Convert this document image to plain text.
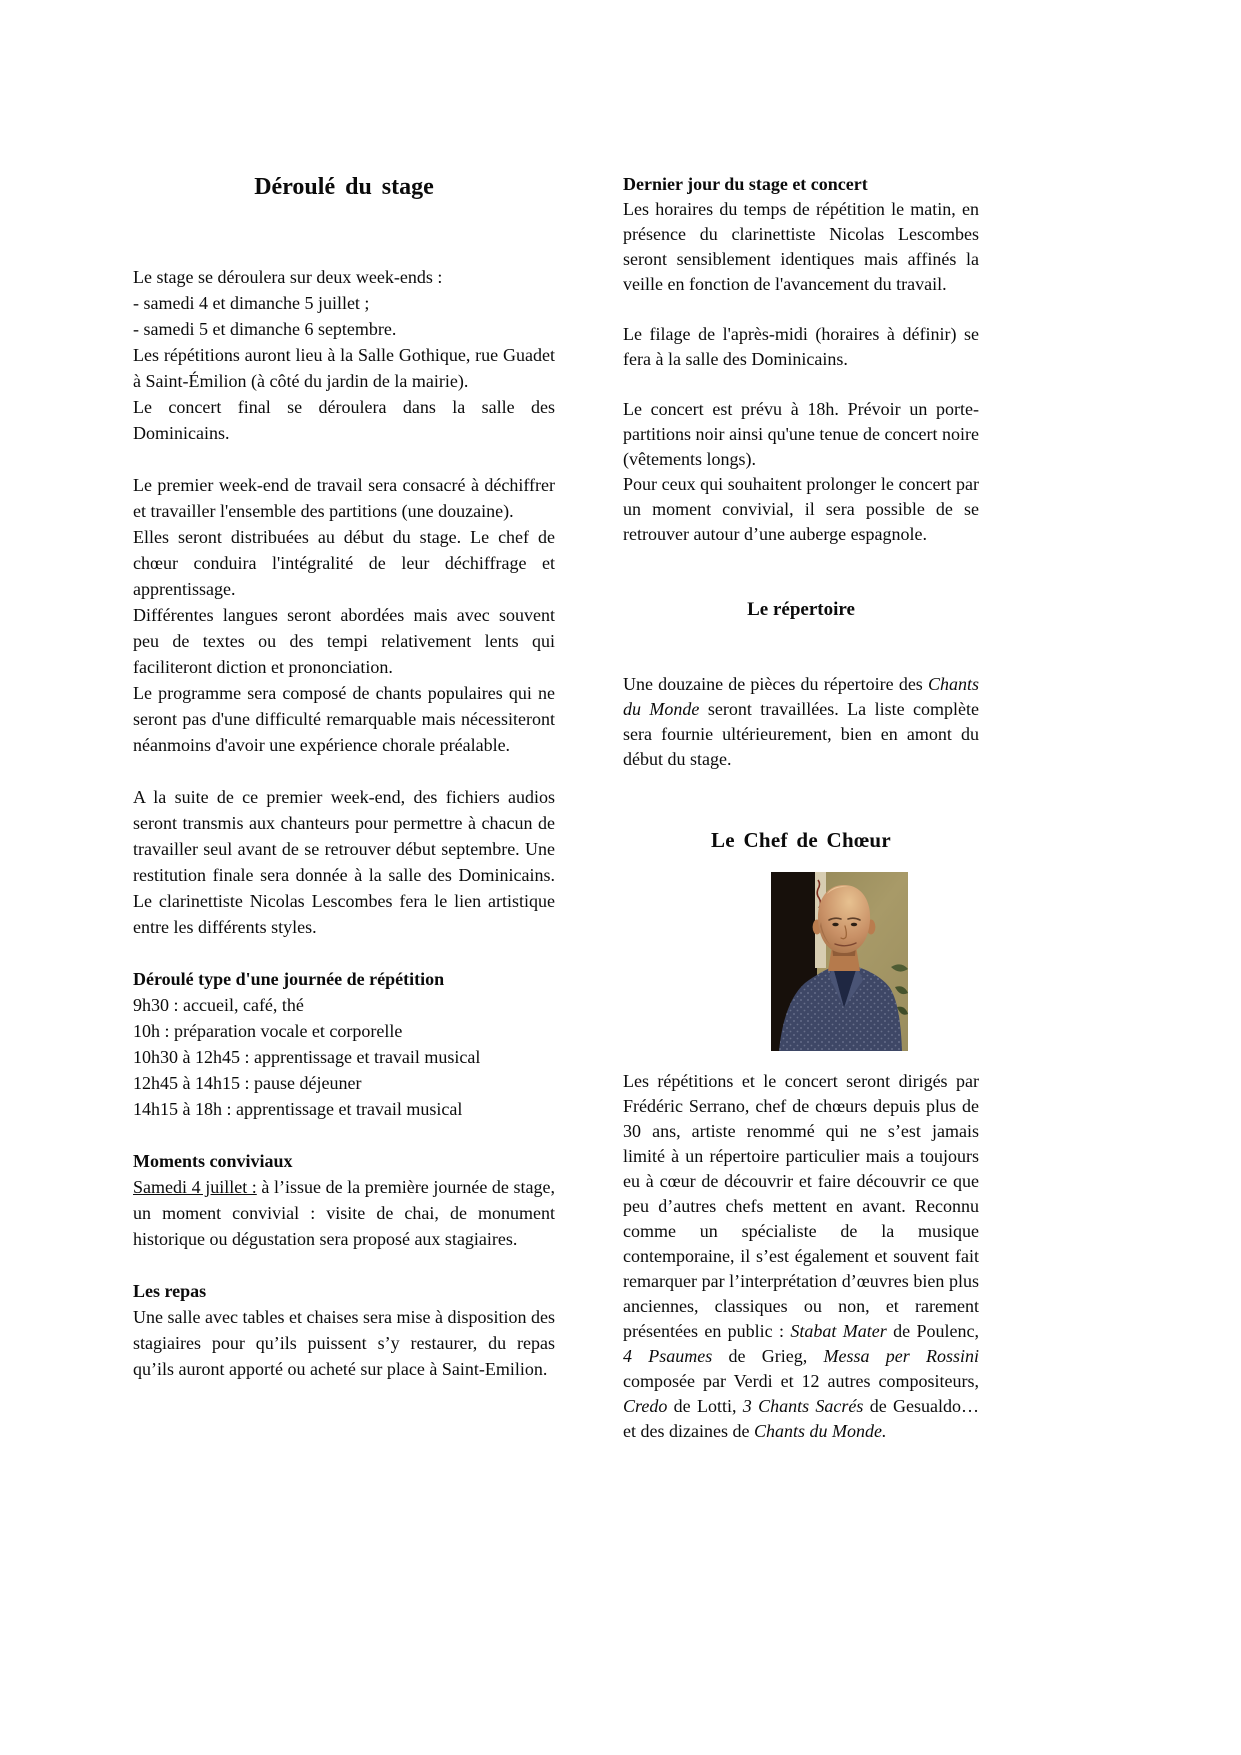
Déroulé du stage
Le stage se déroulera sur deux week-ends :
- samedi 4 et dimanche 5 juillet ;
- samedi 5 et dimanche 6 septembre.

Les répétitions auront lieu à la Salle Gothique, rue Guadet à Saint-Émilion (à côté du jardin de la mairie).

Le concert final se déroulera dans la salle des Dominicains.

Le premier week-end de travail sera consacré à déchiffrer et travailler l'ensemble des partitions (une douzaine).

Elles seront distribuées au début du stage. Le chef de chœur conduira l'intégralité de leur déchiffrage et apprentissage.

Différentes langues seront abordées mais avec souvent peu de textes ou des tempi relativement lents qui faciliteront diction et prononciation.

Le programme sera composé de chants populaires qui ne seront pas d'une difficulté remarquable mais nécessiteront néanmoins d'avoir une expérience chorale préalable.

A la suite de ce premier week-end, des fichiers audios seront transmis aux chanteurs pour permettre à chacun de travailler seul avant de se retrouver début septembre. Une restitution finale sera donnée à la salle des Dominicains. Le clarinettiste Nicolas Lescombes fera le lien artistique entre les différents styles.

Déroulé type d'une journée de répétition
9h30 : accueil, café, thé
10h : préparation vocale et corporelle
10h30 à 12h45 : apprentissage et travail musical
12h45 à 14h15 : pause déjeuner
14h15 à 18h : apprentissage et travail musical
Moments conviviaux

Samedi 4 juillet : à l’issue de la première journée de stage, un moment convivial : visite de chai, de monument historique ou dégustation sera proposé aux stagiaires.

Les repas

Une salle avec tables et chaises sera mise à disposition des stagiaires pour qu’ils puissent s’y restaurer, du repas qu’ils auront apporté ou acheté sur place à Saint-Emilion.

Dernier jour du stage et concert

Les horaires du temps de répétition le matin, en présence du clarinettiste Nicolas Lescombes seront sensiblement identiques mais affinés la veille en fonction de l'avancement du travail.

Le filage de l'après-midi (horaires à définir) se fera à la salle des Dominicains.

Le concert est prévu à 18h. Prévoir un porte-partitions noir ainsi qu'une tenue de concert noire (vêtements longs).

Pour ceux qui souhaitent prolonger le concert par un moment convivial, il sera possible de se retrouver autour d’une auberge espagnole.

Le répertoire

Une douzaine de pièces du répertoire des Chants du Monde seront travaillées. La liste complète sera fournie ultérieurement, bien en amont du début du stage.

Le Chef de Chœur

Les répétitions et le concert seront dirigés par Frédéric Serrano, chef de chœurs depuis plus de 30 ans, artiste renommé qui ne s’est jamais limité à un répertoire particulier mais a toujours eu à cœur de découvrir et faire découvrir ce que peu d’autres chefs mettent en avant. Reconnu comme un spécialiste de la musique contemporaine, il s’est également et souvent fait remarquer par l’interprétation d’œuvres bien plus anciennes, classiques ou non, et rarement présentées en public : Stabat Mater de Poulenc, 4 Psaumes de Grieg, Messa per Rossini composée par Verdi et 12 autres compositeurs, Credo de Lotti, 3 Chants Sacrés de Gesualdo… et des dizaines de Chants du Monde.
